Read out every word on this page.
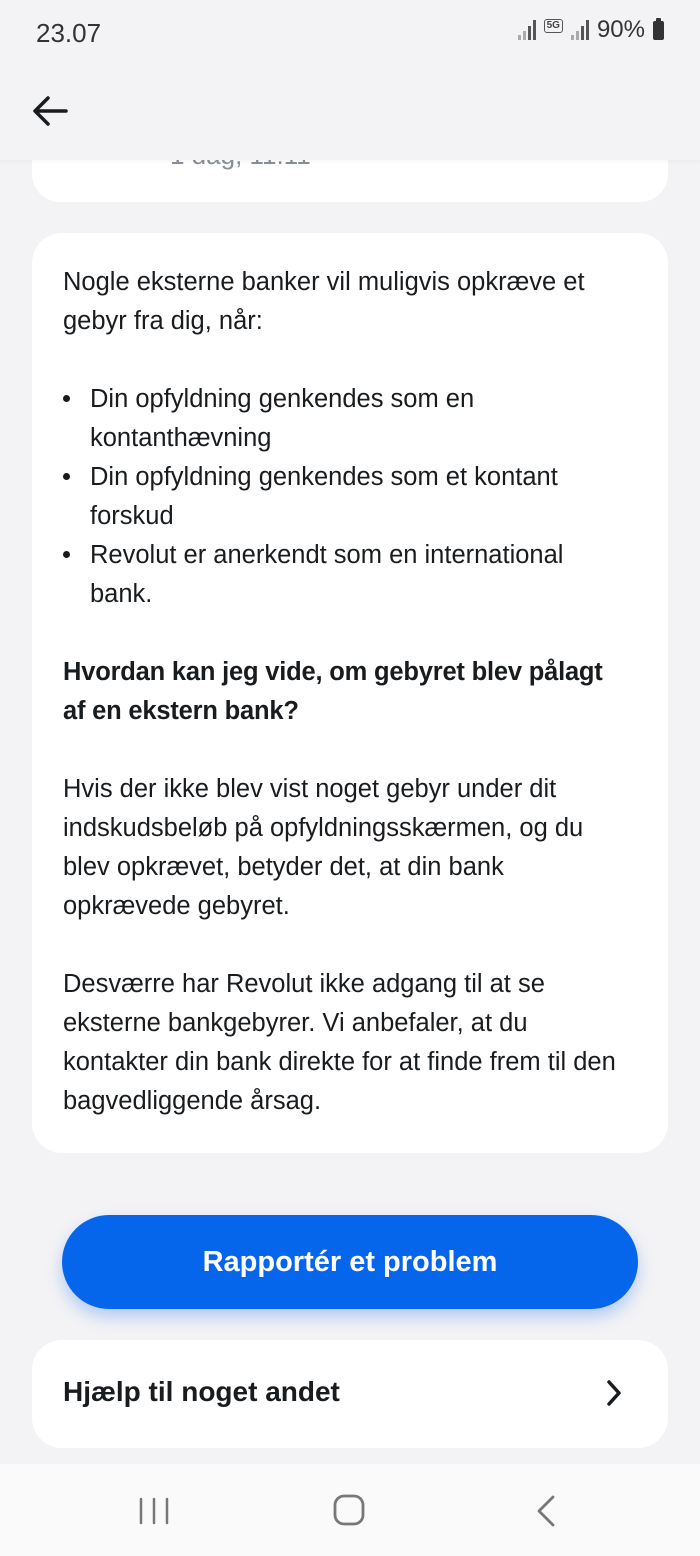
23.07	5G 90%

Nogle eksterne banker vil muligvis opkræve et gebyr fra dig, når:

Din opfyldning genkendes som en kontanthævning
Din opfyldning genkendes som et kontant forskud
Revolut er anerkendt som en international bank.

Hvordan kan jeg vide, om gebyret blev pålagt af en ekstern bank?

Hvis der ikke blev vist noget gebyr under dit indskudsbeløb på opfyldningsskærmen, og du blev opkrævet, betyder det, at din bank opkrævede gebyret.

Desværre har Revolut ikke adgang til at se eksterne bankgebyrer. Vi anbefaler, at du kontakter din bank direkte for at finde frem til den bagvedliggende årsag.

Rapportér et problem
Hjælp til noget andet
